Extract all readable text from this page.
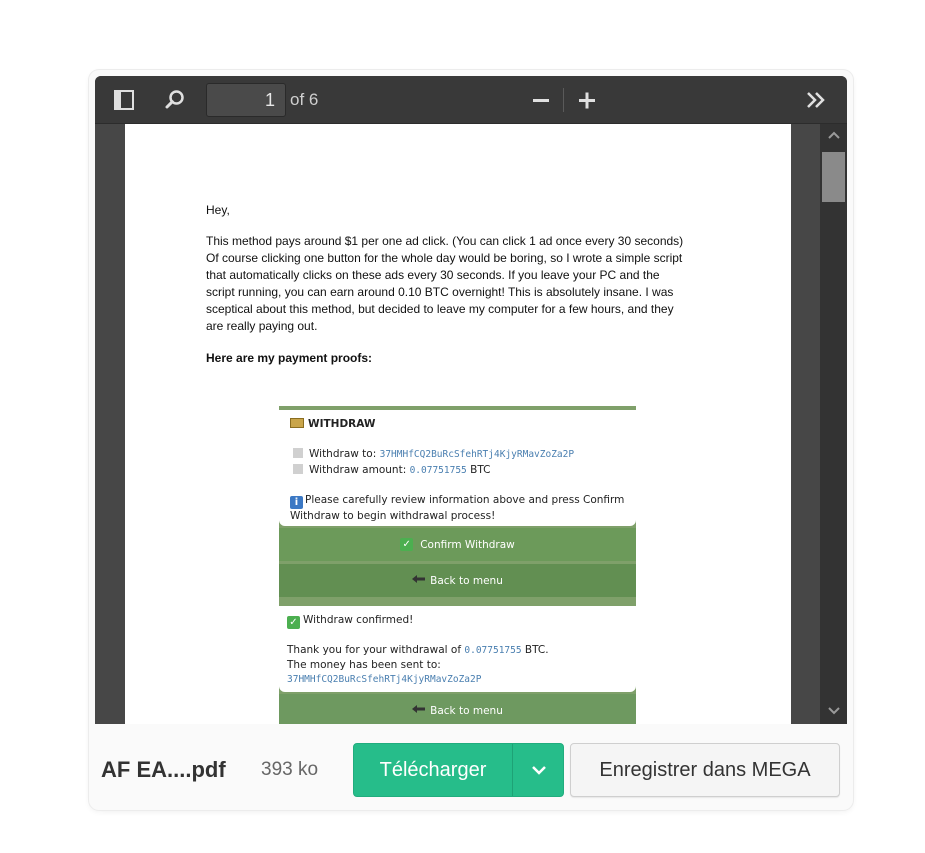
1 of 6
Hey,
This method pays around $1 per one ad click. (You can click 1 ad once every 30 seconds)
Of course clicking one button for the whole day would be boring, so I wrote a simple script
that automatically clicks on these ads every 30 seconds. If you leave your PC and the
script running, you can earn around 0.10 BTC overnight! This is absolutely insane. I was
sceptical about this method, but decided to leave my computer for a few hours, and they
are really paying out.
Here are my payment proofs:
WITHDRAW
Withdraw to: 37HMHfCQ2BuRcSfehRTj4KjyRMavZoZa2P
Withdraw amount: 0.07751755 BTC
i Please carefully review information above and press Confirm
Withdraw to begin withdrawal process!
✓ Confirm Withdraw
Back to menu
✓ Withdraw confirmed!
Thank you for your withdrawal of 0.07751755 BTC.
The money has been sent to:
37HMHfCQ2BuRcSfehRTj4KjyRMavZoZa2P
Back to menu
AF EA....pdf 393 ko	Télécharger	Enregistrer dans MEGA
